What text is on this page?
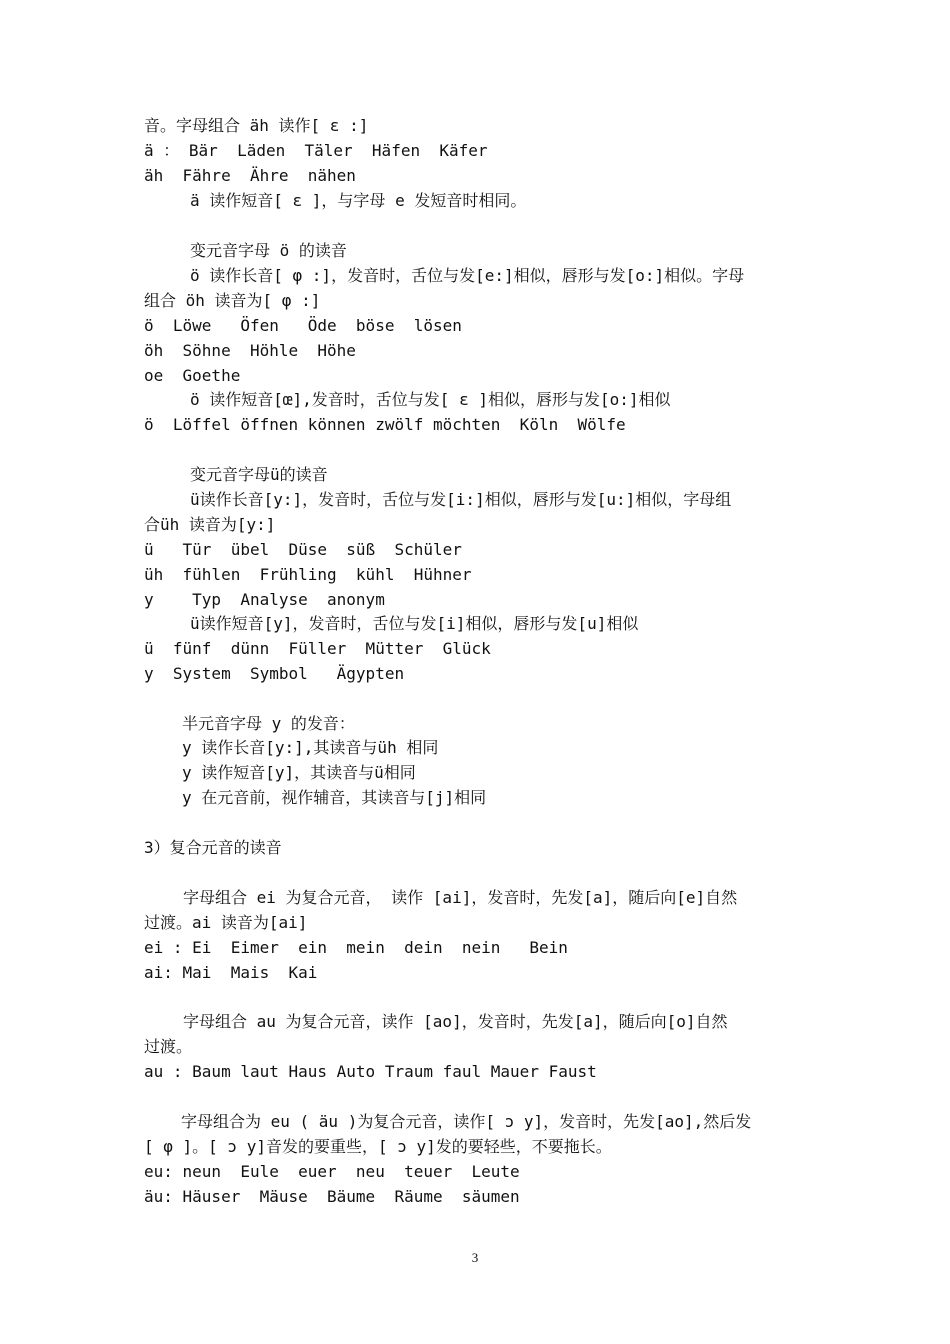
音。字母组合 äh 读作[ ɛ :]
ä ： Bär  Läden  Täler  Häfen  Käfer
äh  Fähre  Ähre  nähen
ä 读作短音[ ɛ ]，与字母 e 发短音时相同。
变元音字母 ö 的读音
ö 读作长音[ φ :]，发音时，舌位与发[e:]相似，唇形与发[o:]相似。字母
组合 öh 读音为[ φ :]
ö  Löwe   Öfen   Öde  böse  lösen
öh  Söhne  Höhle  Höhe
oe  Goethe
ö 读作短音[œ],发音时，舌位与发[ ɛ ]相似，唇形与发[o:]相似
ö  Löffel öffnen können zwölf möchten  Köln  Wölfe
变元音字母ü的读音
ü读作长音[y:]，发音时，舌位与发[i:]相似，唇形与发[u:]相似，字母组
合üh 读音为[y:]
ü   Tür  übel  Düse  süß  Schüler
üh  fühlen  Frühling  kühl  Hühner
y    Typ  Analyse  anonym
ü读作短音[y]，发音时，舌位与发[i]相似，唇形与发[u]相似
ü  fünf  dünn  Füller  Mütter  Glück
y  System  Symbol   Ägypten
半元音字母 y 的发音：
y 读作长音[y:],其读音与üh 相同
y 读作短音[y]，其读音与ü相同
y 在元音前，视作辅音，其读音与[j]相同
3）复合元音的读音
字母组合 ei 为复合元音， 读作 [ai]，发音时，先发[a]，随后向[e]自然
过渡。ai 读音为[ai]
ei : Ei  Eimer  ein  mein  dein  nein   Bein
ai: Mai  Mais  Kai
字母组合 au 为复合元音，读作 [ao]，发音时，先发[a]，随后向[o]自然
过渡。
au : Baum laut Haus Auto Traum faul Mauer Faust
字母组合为 eu ( äu )为复合元音，读作[ ɔ y]，发音时，先发[ao],然后发
[ φ ]。[ ɔ y]音发的要重些，[ ɔ y]发的要轻些，不要拖长。
eu: neun  Eule  euer  neu  teuer  Leute
äu: Häuser  Mäuse  Bäume  Räume  säumen
3
